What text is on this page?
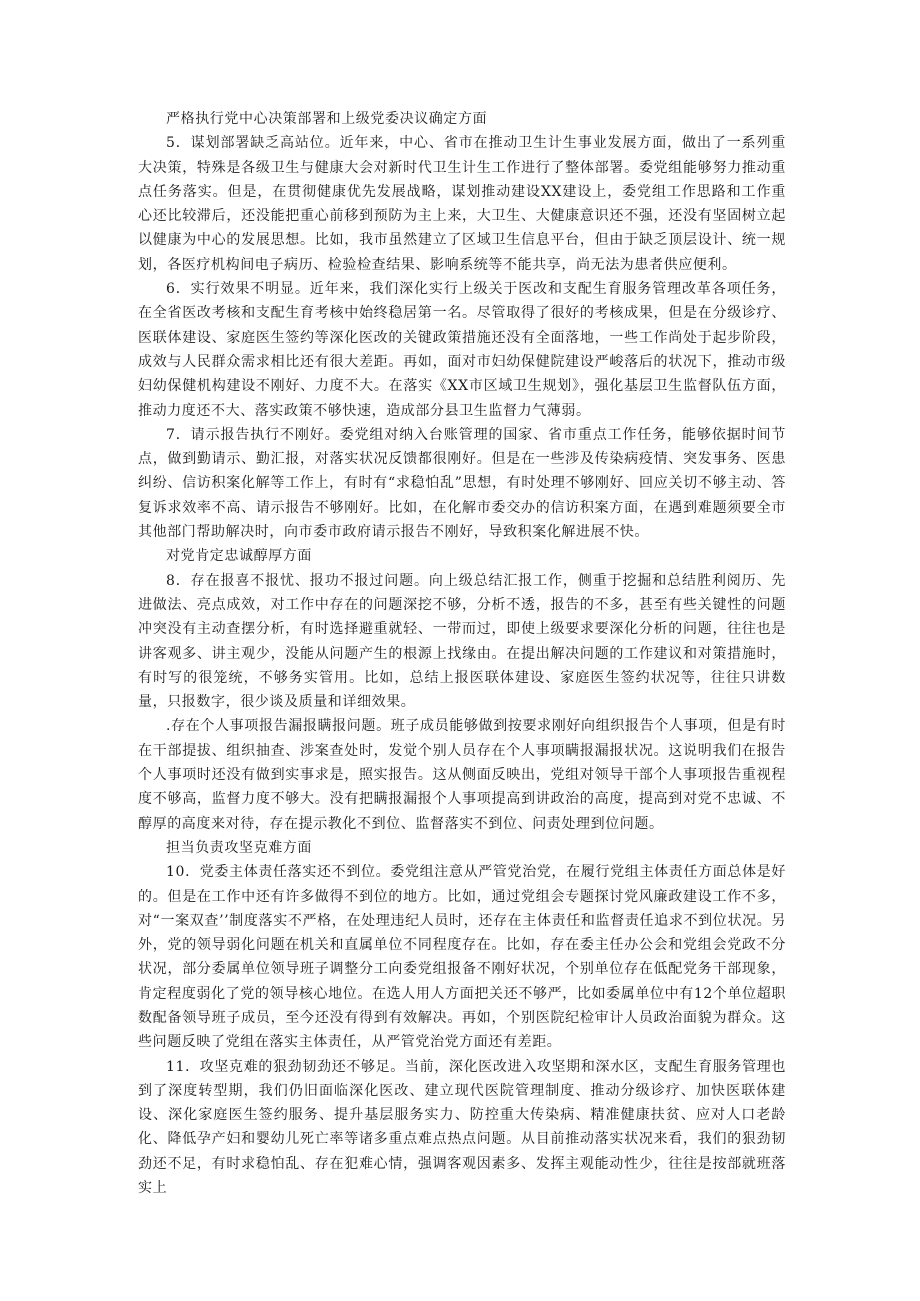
严格执行党中心决策部署和上级党委决议确定方面

5．谋划部署缺乏高站位。近年来，中心、省市在推动卫生计生事业发展方面，做出了一系列重大决策，特殊是各级卫生与健康大会对新时代卫生计生工作进行了整体部署。委党组能够努力推动重点任务落实。但是，在贯彻健康优先发展战略，谋划推动建设XX建设上，委党组工作思路和工作重心还比较滞后，还没能把重心前移到预防为主上来，大卫生、大健康意识还不强，还没有坚固树立起以健康为中心的发展思想。比如，我市虽然建立了区域卫生信息平台，但由于缺乏顶层设计、统一规划，各医疗机构间电子病历、检验检查结果、影响系统等不能共享，尚无法为患者供应便利。

6．实行效果不明显。近年来，我们深化实行上级关于医改和支配生育服务管理改革各项任务，在全省医改考核和支配生育考核中始终稳居第一名。尽管取得了很好的考核成果，但是在分级诊疗、医联体建设、家庭医生签约等深化医改的关键政策措施还没有全面落地，一些工作尚处于起步阶段，成效与人民群众需求相比还有很大差距。再如，面对市妇幼保健院建设严峻落后的状况下，推动市级妇幼保健机构建设不刚好、力度不大。在落实《XX市区域卫生规划》，强化基层卫生监督队伍方面，推动力度还不大、落实政策不够快速，造成部分县卫生监督力气薄弱。

7．请示报告执行不刚好。委党组对纳入台账管理的国家、省市重点工作任务，能够依据时间节点，做到勤请示、勤汇报，对落实状况反馈都很刚好。但是在一些涉及传染病疫情、突发事务、医患纠纷、信访积案化解等工作上，有时有“求稳怕乱”思想，有时处理不够刚好、回应关切不够主动、答复诉求效率不高、请示报告不够刚好。比如，在化解市委交办的信访积案方面，在遇到难题须要全市其他部门帮助解决时，向市委市政府请示报告不刚好，导致积案化解进展不快。

对党肯定忠诚醇厚方面

8．存在报喜不报忧、报功不报过问题。向上级总结汇报工作，侧重于挖掘和总结胜利阅历、先进做法、亮点成效，对工作中存在的问题深挖不够，分析不透，报告的不多，甚至有些关键性的问题冲突没有主动查摆分析，有时选择避重就轻、一带而过，即使上级要求要深化分析的问题，往往也是讲客观多、讲主观少，没能从问题产生的根源上找缘由。在提出解决问题的工作建议和对策措施时，有时写的很笼统，不够务实管用。比如，总结上报医联体建设、家庭医生签约状况等，往往只讲数量，只报数字，很少谈及质量和详细效果。

.存在个人事项报告漏报瞒报问题。班子成员能够做到按要求刚好向组织报告个人事项，但是有时在干部提拔、组织抽查、涉案查处时，发觉个别人员存在个人事项瞒报漏报状况。这说明我们在报告个人事项时还没有做到实事求是，照实报告。这从侧面反映出，党组对领导干部个人事项报告重视程度不够高，监督力度不够大。没有把瞒报漏报个人事项提高到讲政治的高度，提高到对党不忠诚、不醇厚的高度来对待，存在提示教化不到位、监督落实不到位、问责处理到位问题。

担当负责攻坚克难方面

10．党委主体责任落实还不到位。委党组注意从严管党治党，在履行党组主体责任方面总体是好的。但是在工作中还有许多做得不到位的地方。比如，通过党组会专题探讨党风廉政建设工作不多，对“一案双查’’制度落实不严格，在处理违纪人员时，还存在主体责任和监督责任追求不到位状况。另外，党的领导弱化问题在机关和直属单位不同程度存在。比如，存在委主任办公会和党组会党政不分状况，部分委属单位领导班子调整分工向委党组报备不刚好状况，个别单位存在低配党务干部现象，肯定程度弱化了党的领导核心地位。在选人用人方面把关还不够严，比如委属单位中有12个单位超职数配备领导班子成员，至今还没有得到有效解决。再如，个别医院纪检审计人员政治面貌为群众。这些问题反映了党组在落实主体责任，从严管党治党方面还有差距。

11．攻坚克难的狠劲韧劲还不够足。当前，深化医改进入攻坚期和深水区，支配生育服务管理也到了深度转型期，我们仍旧面临深化医改、建立现代医院管理制度、推动分级诊疗、加快医联体建设、深化家庭医生签约服务、提升基层服务实力、防控重大传染病、精准健康扶贫、应对人口老龄化、降低孕产妇和婴幼儿死亡率等诸多重点难点热点问题。从目前推动落实状况来看，我们的狠劲韧劲还不足，有时求稳怕乱、存在犯难心情，强调客观因素多、发挥主观能动性少，往往是按部就班落实上
